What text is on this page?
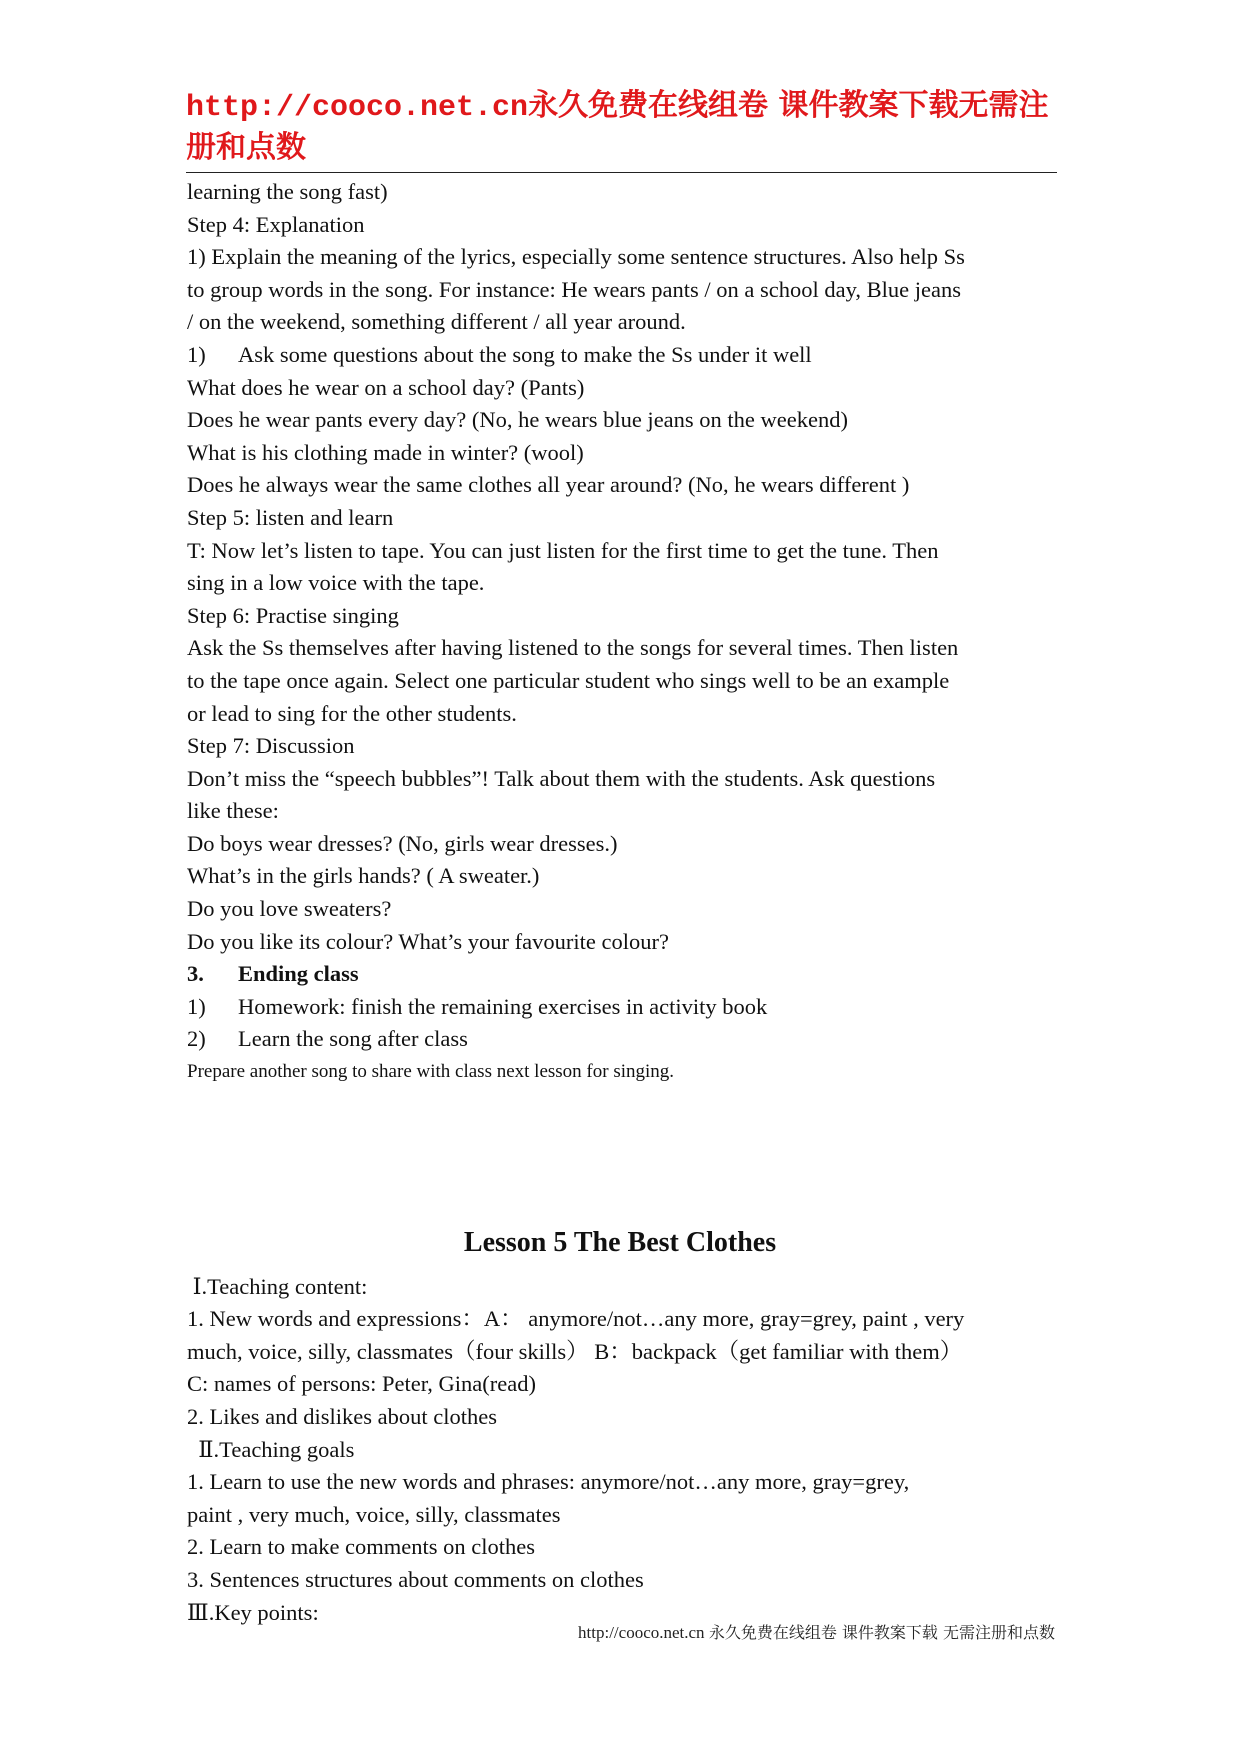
http://cooco.net.cn永久免费在线组卷 课件教案下载无需注
册和点数
learning the song fast)
Step 4: Explanation
1) Explain the meaning of the lyrics, especially some sentence structures. Also help Ss
to group words in the song. For instance: He wears pants / on a school day, Blue jeans
/ on the weekend, something different / all year around.
1) Ask some questions about the song to make the Ss under it well
What does he wear on a school day? (Pants)
Does he wear pants every day? (No, he wears blue jeans on the weekend)
What is his clothing made in winter? (wool)
Does he always wear the same clothes all year around? (No, he wears different )
Step 5: listen and learn
T: Now let’s listen to tape. You can just listen for the first time to get the tune. Then
sing in a low voice with the tape.
Step 6: Practise singing
Ask the Ss themselves after having listened to the songs for several times. Then listen
to the tape once again. Select one particular student who sings well to be an example
or lead to sing for the other students.
Step 7: Discussion
Don’t miss the “speech bubbles”! Talk about them with the students. Ask questions
like these:
Do boys wear dresses? (No, girls wear dresses.)
What’s in the girls hands? ( A sweater.)
Do you love sweaters?
Do you like its colour? What’s your favourite colour?
3. Ending class
1) Homework: finish the remaining exercises in activity book
2) Learn the song after class
Prepare another song to share with class next lesson for singing.
Lesson 5 The Best Clothes
Ⅰ.Teaching content:
1. New words and expressions：A： anymore/not…any more, gray=grey, paint , very
much, voice, silly, classmates（four skills） B：backpack（get familiar with them）
C: names of persons: Peter, Gina(read)
2. Likes and dislikes about clothes
Ⅱ.Teaching goals
1. Learn to use the new words and phrases: anymore/not…any more, gray=grey,
paint , very much, voice, silly, classmates
2. Learn to make comments on clothes
3. Sentences structures about comments on clothes
Ⅲ.Key points:
http://cooco.net.cn 永久免费在线组卷 课件教案下载 无需注册和点数
